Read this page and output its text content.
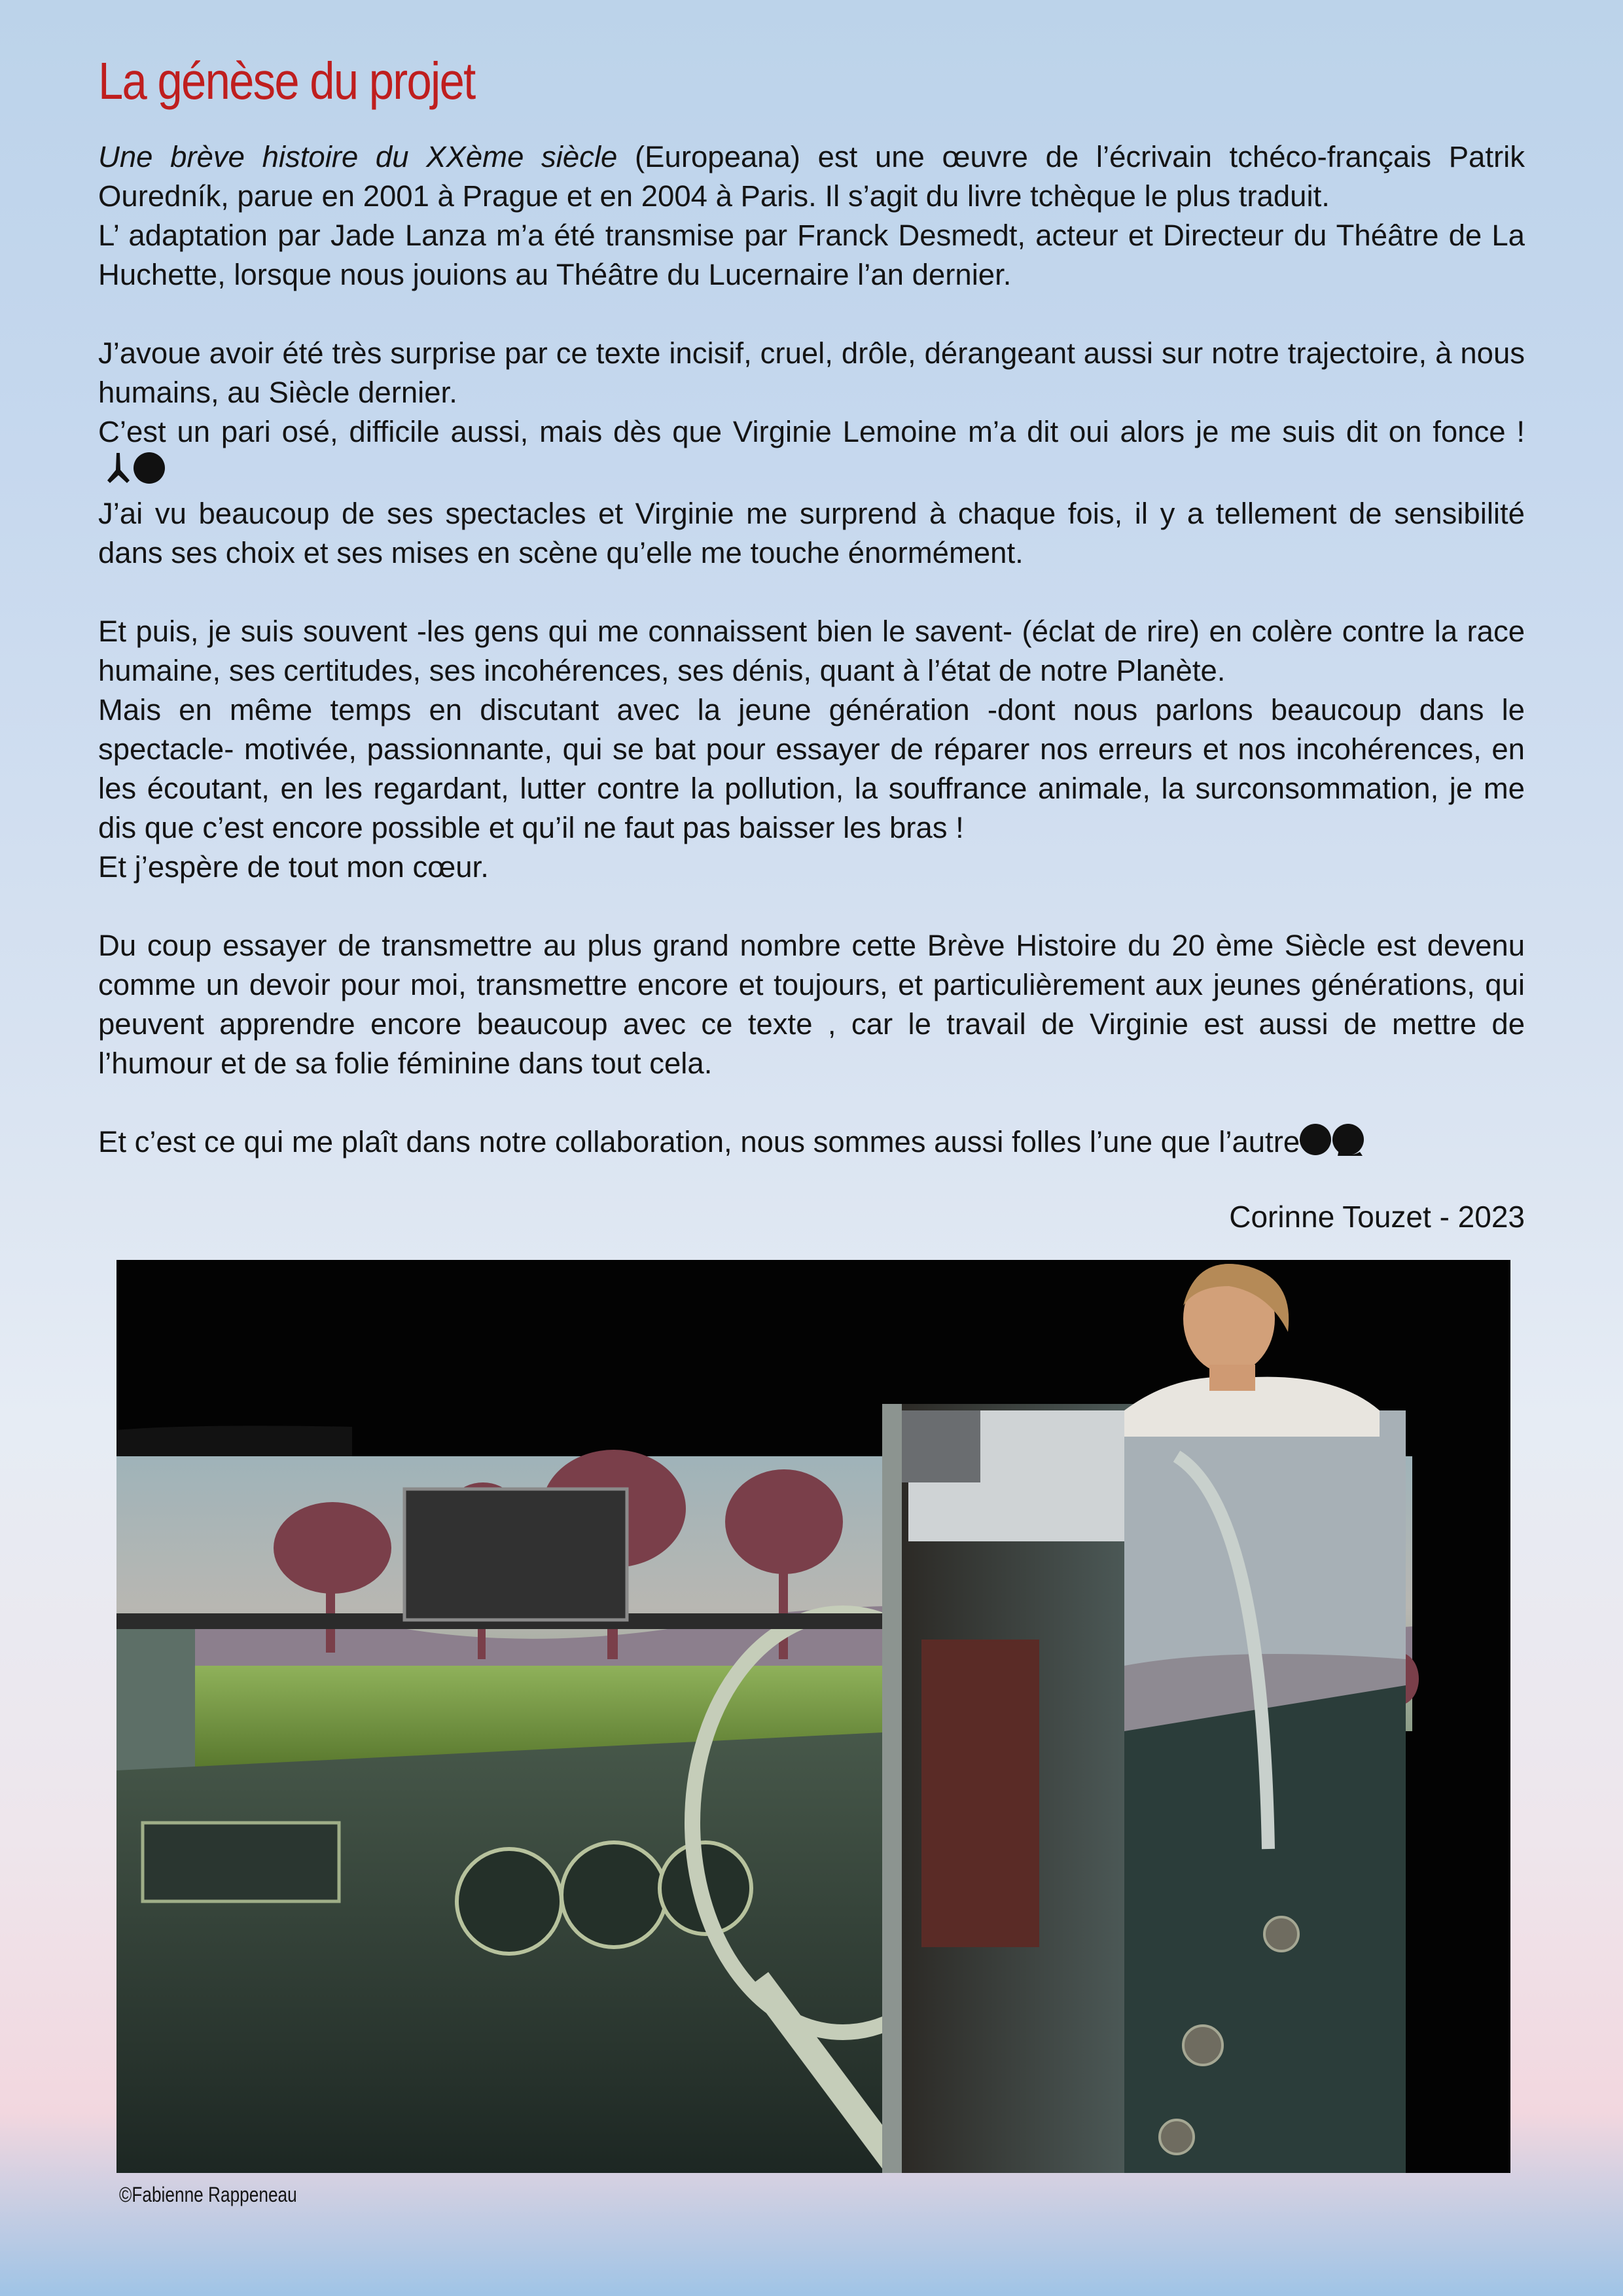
La génèse du projet

Une brève histoire du XXème siècle (Europeana) est une œuvre de l’écrivain tchéco-français Patrik Ouredník, parue en 2001 à Prague et en 2004 à Paris. Il s’agit du livre tchèque le plus traduit.

L’ adaptation par Jade Lanza m’a été transmise par Franck Desmedt, acteur et Directeur du Théâtre de La Huchette, lorsque nous jouions au Théâtre du Lucernaire l’an dernier.

J’avoue avoir été très surprise par ce texte incisif, cruel, drôle, dérangeant aussi sur notre trajectoire, à nous humains, au Siècle dernier.

C’est un pari osé, difficile aussi, mais dès que Virginie Lemoine m’a dit oui alors je me suis dit on fonce !

J’ai vu beaucoup de ses spectacles et Virginie me surprend à chaque fois, il y a tellement de sensibilité dans ses choix et ses mises en scène qu’elle me touche énormément.

Et puis, je suis souvent -les gens qui me connaissent bien le savent- (éclat de rire) en colère contre la race humaine, ses certitudes, ses incohérences, ses dénis, quant à l’état de notre Planète.

Mais en même temps en discutant avec la jeune génération -dont nous parlons beaucoup dans le spectacle- motivée, passionnante, qui se bat pour essayer de réparer nos erreurs et nos incohérences, en les écoutant, en les regardant, lutter contre la pollution, la souffrance animale, la surconsommation, je me dis que c’est encore possible et qu’il ne faut pas baisser les bras !

Et j’espère de tout mon cœur.

Du coup essayer de transmettre au plus grand nombre cette Brève Histoire du 20 ème Siècle est devenu comme un devoir pour moi, transmettre encore et toujours, et particulièrement aux jeunes générations, qui peuvent apprendre encore beaucoup avec ce texte , car le travail de Virginie est aussi de mettre de l’humour et de sa folie féminine dans tout cela.

Et c’est ce qui me plaît dans notre collaboration, nous sommes aussi folles l’une que l’autre

Corinne Touzet - 2023

©Fabienne Rappeneau
